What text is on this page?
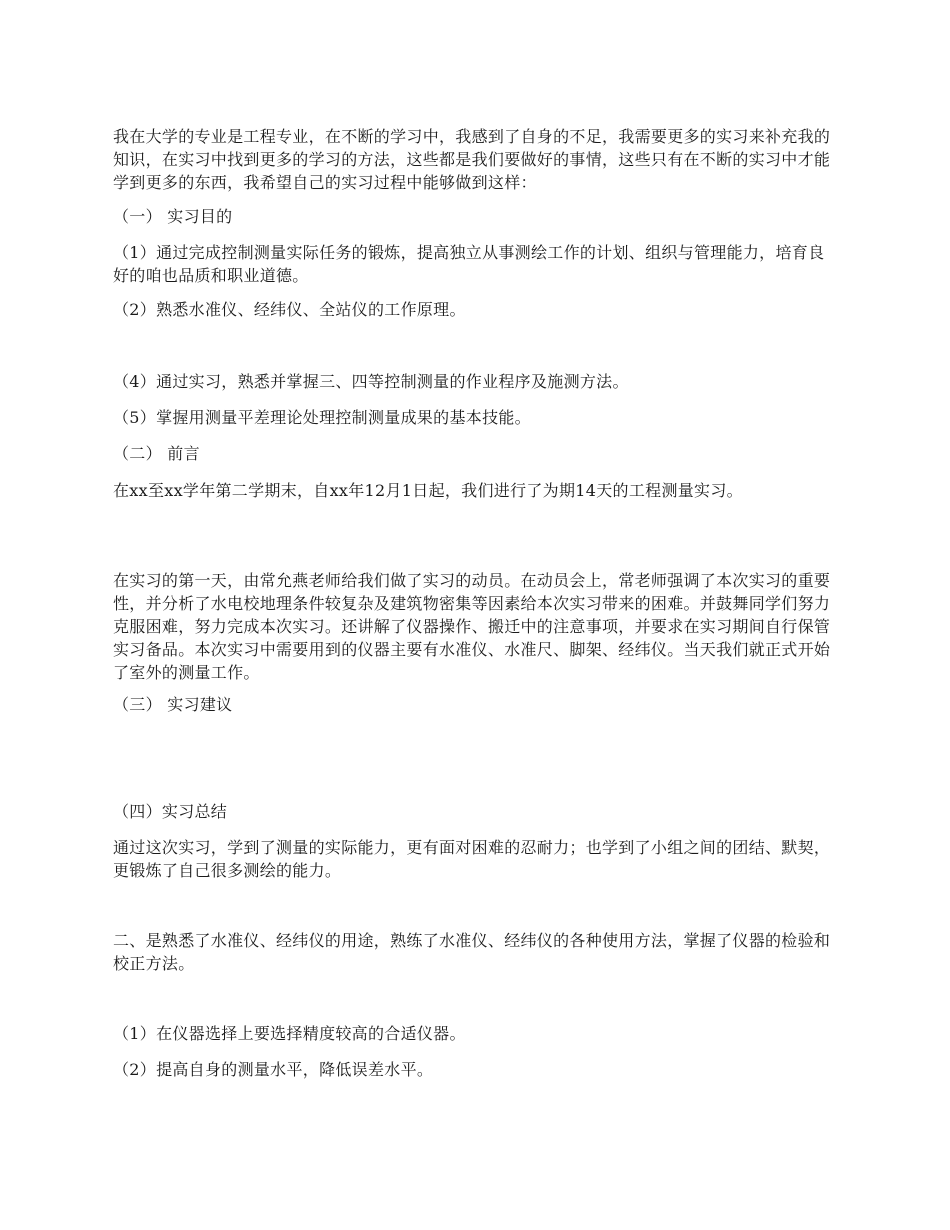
我在大学的专业是工程专业，在不断的学习中，我感到了自身的不足，我需要更多的实习来补充我的知识，在实习中找到更多的学习的方法，这些都是我们要做好的事情，这些只有在不断的实习中才能学到更多的东西，我希望自己的实习过程中能够做到这样：

（一） 实习目的

（1）通过完成控制测量实际任务的锻炼，提高独立从事测绘工作的计划、组织与管理能力，培育良好的咱也品质和职业道德。

（2）熟悉水准仪、经纬仪、全站仪的工作原理。

（4）通过实习，熟悉并掌握三、四等控制测量的作业程序及施测方法。

（5）掌握用测量平差理论处理控制测量成果的基本技能。

（二） 前言

在xx至xx学年第二学期末，自xx年12月1日起，我们进行了为期14天的工程测量实习。

在实习的第一天，由常允燕老师给我们做了实习的动员。在动员会上，常老师强调了本次实习的重要性，并分析了水电校地理条件较复杂及建筑物密集等因素给本次实习带来的困难。并鼓舞同学们努力克服困难，努力完成本次实习。还讲解了仪器操作、搬迁中的注意事项，并要求在实习期间自行保管实习备品。本次实习中需要用到的仪器主要有水准仪、水准尺、脚架、经纬仪。当天我们就正式开始了室外的测量工作。

（三） 实习建议

（四）实习总结

通过这次实习，学到了测量的实际能力，更有面对困难的忍耐力；也学到了小组之间的团结、默契，更锻炼了自己很多测绘的能力。

二、是熟悉了水准仪、经纬仪的用途，熟练了水准仪、经纬仪的各种使用方法，掌握了仪器的检验和校正方法。

（1）在仪器选择上要选择精度较高的合适仪器。

（2）提高自身的测量水平，降低误差水平。
